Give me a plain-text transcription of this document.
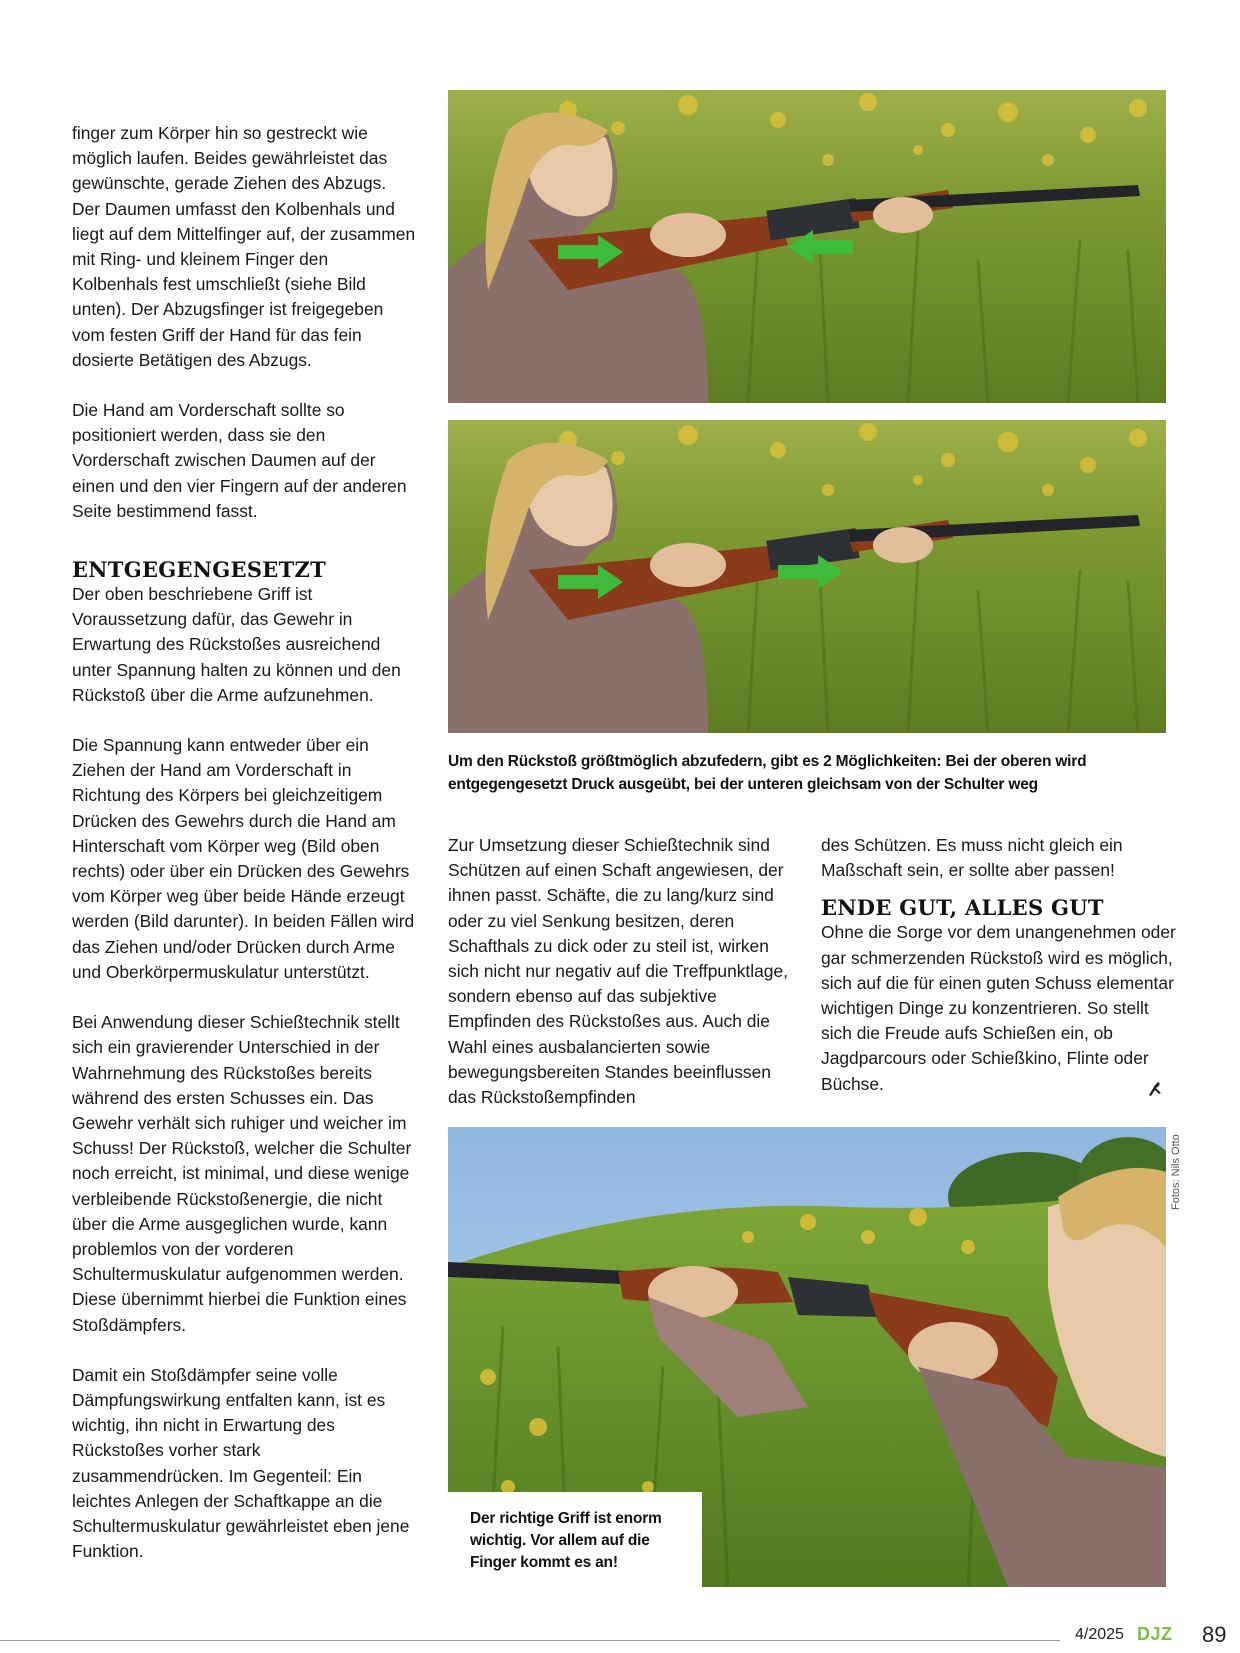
finger zum Körper hin so gestreckt wie möglich laufen. Beides gewährleistet das gewünschte, gerade Ziehen des Abzugs. Der Daumen umfasst den Kolbenhals und liegt auf dem Mittelfinger auf, der zusammen mit Ring- und kleinem Finger den Kolbenhals fest umschließt (siehe Bild unten). Der Abzugsfinger ist freigegeben vom festen Griff der Hand für das fein dosierte Betätigen des Abzugs.

Die Hand am Vorderschaft sollte so positioniert werden, dass sie den Vorderschaft zwischen Daumen auf der einen und den vier Fingern auf der anderen Seite bestimmend fasst.

ENTGEGENGESETZT

Der oben beschriebene Griff ist Voraussetzung dafür, das Gewehr in Erwartung des Rückstoßes ausreichend unter Spannung halten zu können und den Rückstoß über die Arme aufzunehmen.

Die Spannung kann entweder über ein Ziehen der Hand am Vorderschaft in Richtung des Körpers bei gleichzeitigem Drücken des Gewehrs durch die Hand am Hinterschaft vom Körper weg (Bild oben rechts) oder über ein Drücken des Gewehrs vom Körper weg über beide Hände erzeugt werden (Bild darunter). In beiden Fällen wird das Ziehen und/oder Drücken durch Arme und Oberkörpermuskulatur unterstützt.

Bei Anwendung dieser Schießtechnik stellt sich ein gravierender Unterschied in der Wahrnehmung des Rückstoßes bereits während des ersten Schusses ein. Das Gewehr verhält sich ruhiger und weicher im Schuss! Der Rückstoß, welcher die Schulter noch erreicht, ist minimal, und diese wenige verbleibende Rückstoßenergie, die nicht über die Arme ausgeglichen wurde, kann problemlos von der vorderen Schultermuskulatur aufgenommen werden. Diese übernimmt hierbei die Funktion eines Stoßdämpfers.

Damit ein Stoßdämpfer seine volle Dämpfungswirkung entfalten kann, ist es wichtig, ihn nicht in Erwartung des Rückstoßes vorher stark zusammendrücken. Im Gegenteil: Ein leichtes Anlegen der Schaftkappe an die Schultermuskulatur gewährleistet eben jene Funktion.

Um den Rückstoß größtmöglich abzufedern, gibt es 2 Möglichkeiten: Bei der oberen wird
entgegengesetzt Druck ausgeübt, bei der unteren gleichsam von der Schulter weg

Zur Umsetzung dieser Schießtechnik sind Schützen auf einen Schaft angewiesen, der ihnen passt. Schäfte, die zu lang/kurz sind oder zu viel Senkung besitzen, deren Schafthals zu dick oder zu steil ist, wirken sich nicht nur negativ auf die Treffpunktlage, sondern ebenso auf das subjektive Empfinden des Rückstoßes aus. Auch die Wahl eines ausbalancierten sowie bewegungsbereiten Standes beeinflussen das Rückstoßempfinden

des Schützen. Es muss nicht gleich ein Maßschaft sein, er sollte aber passen!

ENDE GUT, ALLES GUT

Ohne die Sorge vor dem unangenehmen oder gar schmerzenden Rückstoß wird es möglich, sich auf die für einen guten Schuss elementar wichtigen Dinge zu konzentrieren. So stellt sich die Freude aufs Schießen ein, ob Jagdparcours oder Schießkino, Flinte oder Büchse.

Der richtige Griff ist enorm
wichtig. Vor allem auf die
Finger kommt es an!
Fotos: Nils Otto
4/2025 DJZ 89
